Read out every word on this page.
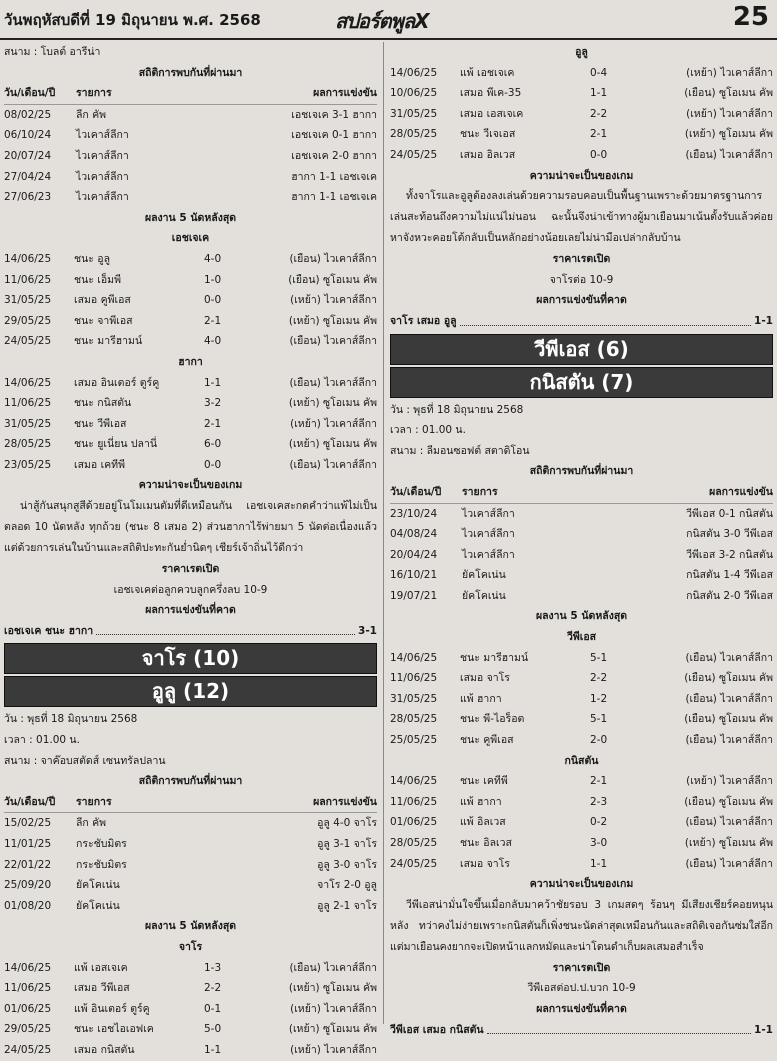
วันพฤหัสบดีที่ 19 มิถุนายน พ.ศ. 2568	สปอร์ตพูลX	25
สนาม : โบลต์ อารีน่า
สถิติการพบกันที่ผ่านมา
วัน/เดือน/ปี	รายการ	ผลการแข่งขัน
08/02/25	ลีก คัพ	เอชเจเค 3-1 ฮากา
06/10/24	ไวเคาส์ลีกา	เอชเจเค 0-1 ฮากา
20/07/24	ไวเคาส์ลีกา	เอชเจเค 2-0 ฮากา
27/04/24	ไวเคาส์ลีกา	ฮากา 1-1 เอชเจเค
27/06/23	ไวเคาส์ลีกา	ฮากา 1-1 เอชเจเค
ผลงาน 5 นัดหลังสุด
เอชเจเค
14/06/25	ชนะ อูลู	4-0	(เยือน) ไวเคาส์ลีกา
11/06/25	ชนะ เอ็มพี	1-0	(เยือน) ซูโอเมน คัพ
31/05/25	เสมอ คูพีเอส	0-0	(เหย้า) ไวเคาส์ลีกา
29/05/25	ชนะ จาพีเอส	2-1	(เหย้า) ซูโอเมน คัพ
24/05/25	ชนะ มารีฮามน์	4-0	(เยือน) ไวเคาส์ลีกา
ฮากา
14/06/25	เสมอ อินเตอร์ ตูร์คู	1-1	(เยือน) ไวเคาส์ลีกา
11/06/25	ชนะ กนิสตัน	3-2	(เหย้า) ซูโอเมน คัพ
31/05/25	ชนะ วีพีเอส	2-1	(เหย้า) ไวเคาส์ลีกา
28/05/25	ชนะ ยูเนี่ยน ปลานี่	6-0	(เหย้า) ซูโอเมน คัพ
23/05/25	เสมอ เคทีพี	0-0	(เยือน) ไวเคาส์ลีกา
ความน่าจะเป็นของเกม
น่าสู้กันสนุกสูสีด้วยอยู่โนโมเมนตัมที่ดีเหมือนกัน เอชเจเคสะกดคำว่าแพ้ไม่เป็นตลอด 10 นัดหลัง ทุกถ้วย (ชนะ 8 เสมอ 2) ส่วนฮากาไร้พ่ายมา 5 นัดต่อเนื่องแล้ว แต่ด้วยการเล่นในบ้านและสถิติปะทะกันย่ำนิดๆ เชียร์เจ้าถิ่นไว้ดีกว่า
ราคาเรตเปิด
เอชเจเคต่อลูกควบลูกครึ่งลบ 10-9
ผลการแข่งขันที่คาด
เอชเจเค ชนะ ฮากา	3-1
จาโร (10)
อูลู (12)
วัน : พุธที่ 18 มิถุนายน 2568
เวลา : 01.00 น.
สนาม : จาค๊อบสตัดส์ เซนทรัลปลาน
สถิติการพบกันที่ผ่านมา
วัน/เดือน/ปี	รายการ	ผลการแข่งขัน
15/02/25	ลีก คัพ	อูลู 4-0 จาโร
11/01/25	กระชับมิตร	อูลู 3-1 จาโร
22/01/22	กระชับมิตร	อูลู 3-0 จาโร
25/09/20	ยัคโคเน่น	จาโร 2-0 อูลู
01/08/20	ยัคโคเน่น	อูลู 2-1 จาโร
ผลงาน 5 นัดหลังสุด
จาโร
14/06/25	แพ้ เอสเจเค	1-3	(เยือน) ไวเคาส์ลีกา
11/06/25	เสมอ วีพีเอส	2-2	(เหย้า) ซูโอเมน คัพ
01/06/25	แพ้ อินเตอร์ ตูร์คู	0-1	(เหย้า) ไวเคาส์ลีกา
29/05/25	ชนะ เอชไอเอฟเค	5-0	(เหย้า) ซูโอเมน คัพ
24/05/25	เสมอ กนิสตัน	1-1	(เหย้า) ไวเคาส์ลีกา
อูลู
14/06/25	แพ้ เอชเจเค	0-4	(เหย้า) ไวเคาส์ลีกา
10/06/25	เสมอ พีเค-35	1-1	(เยือน) ซูโอเมน คัพ
31/05/25	เสมอ เอสเจเค	2-2	(เหย้า) ไวเคาส์ลีกา
28/05/25	ชนะ วีเจเอส	2-1	(เหย้า) ซูโอเมน คัพ
24/05/25	เสมอ อิลเวส	0-0	(เยือน) ไวเคาส์ลีกา
ความน่าจะเป็นของเกม
ทั้งจาโรและอูลูต้องลงเล่นด้วยความรอบคอบเป็นพื้นฐานเพราะด้วยมาตรฐานการเล่นสะท้อนถึงความไม่แน่ไม่นอน ฉะนั้นจึงน่าเข้าทางผู้มาเยือนมาเน้นตั้งรับแล้วค่อยหาจังหวะคอยโต้กลับเป็นหลักอย่างน้อยเลยไม่น่ามือเปล่ากลับบ้าน
ราคาเรตเปิด
จาโรต่อ 10-9
ผลการแข่งขันที่คาด
จาโร เสมอ อูลู	1-1
วีพีเอส (6)
กนิสตัน (7)
วัน : พุธที่ 18 มิถุนายน 2568
เวลา : 01.00 น.
สนาม : ลีมอนซอฟต์ สตาดิโอน
สถิติการพบกันที่ผ่านมา
วัน/เดือน/ปี	รายการ	ผลการแข่งขัน
23/10/24	ไวเคาส์ลีกา	วีพีเอส 0-1 กนิสตัน
04/08/24	ไวเคาส์ลีกา	กนิสตัน 3-0 วีพีเอส
20/04/24	ไวเคาส์ลีกา	วีพีเอส 3-2 กนิสตัน
16/10/21	ยัคโคเน่น	กนิสตัน 1-4 วีพีเอส
19/07/21	ยัคโคเน่น	กนิสตัน 2-0 วีพีเอส
ผลงาน 5 นัดหลังสุด
วีพีเอส
14/06/25	ชนะ มารีฮามน์	5-1	(เยือน) ไวเคาส์ลีกา
11/06/25	เสมอ จาโร	2-2	(เยือน) ซูโอเมน คัพ
31/05/25	แพ้ ฮากา	1-2	(เยือน) ไวเคาส์ลีกา
28/05/25	ชนะ พี-ไอร็อต	5-1	(เยือน) ซูโอเมน คัพ
25/05/25	ชนะ คูพีเอส	2-0	(เยือน) ไวเคาส์ลีกา
กนิสตัน
14/06/25	ชนะ เคทีพี	2-1	(เหย้า) ไวเคาส์ลีกา
11/06/25	แพ้ ฮากา	2-3	(เยือน) ซูโอเมน คัพ
01/06/25	แพ้ อิลเวส	0-2	(เยือน) ไวเคาส์ลีกา
28/05/25	ชนะ อิลเวส	3-0	(เหย้า) ซูโอเมน คัพ
24/05/25	เสมอ จาโร	1-1	(เยือน) ไวเคาส์ลีกา
ความน่าจะเป็นของเกม
วีพีเอสน่ามั่นใจขึ้นเมื่อกลับมาคว้าชัยรอบ 3 เกมสดๆ ร้อนๆ มีเสียงเชียร์คอยหนุนหลัง ทว่าคงไม่ง่ายเพราะกนิสตันก็เพิ่งชนะนัดล่าสุดเหมือนกันและสถิติเจอกันซ่มใส่อีก แต่มาเยือนคงยากจะเปิดหน้าแลกหมัดและน่าโดนดำเก็บผลเสมอสำเร็จ
ราคาเรตเปิด
วีพีเอสต่อป.ป.บวก 10-9
ผลการแข่งขันที่คาด
วีพีเอส เสมอ กนิสตัน	1-1
